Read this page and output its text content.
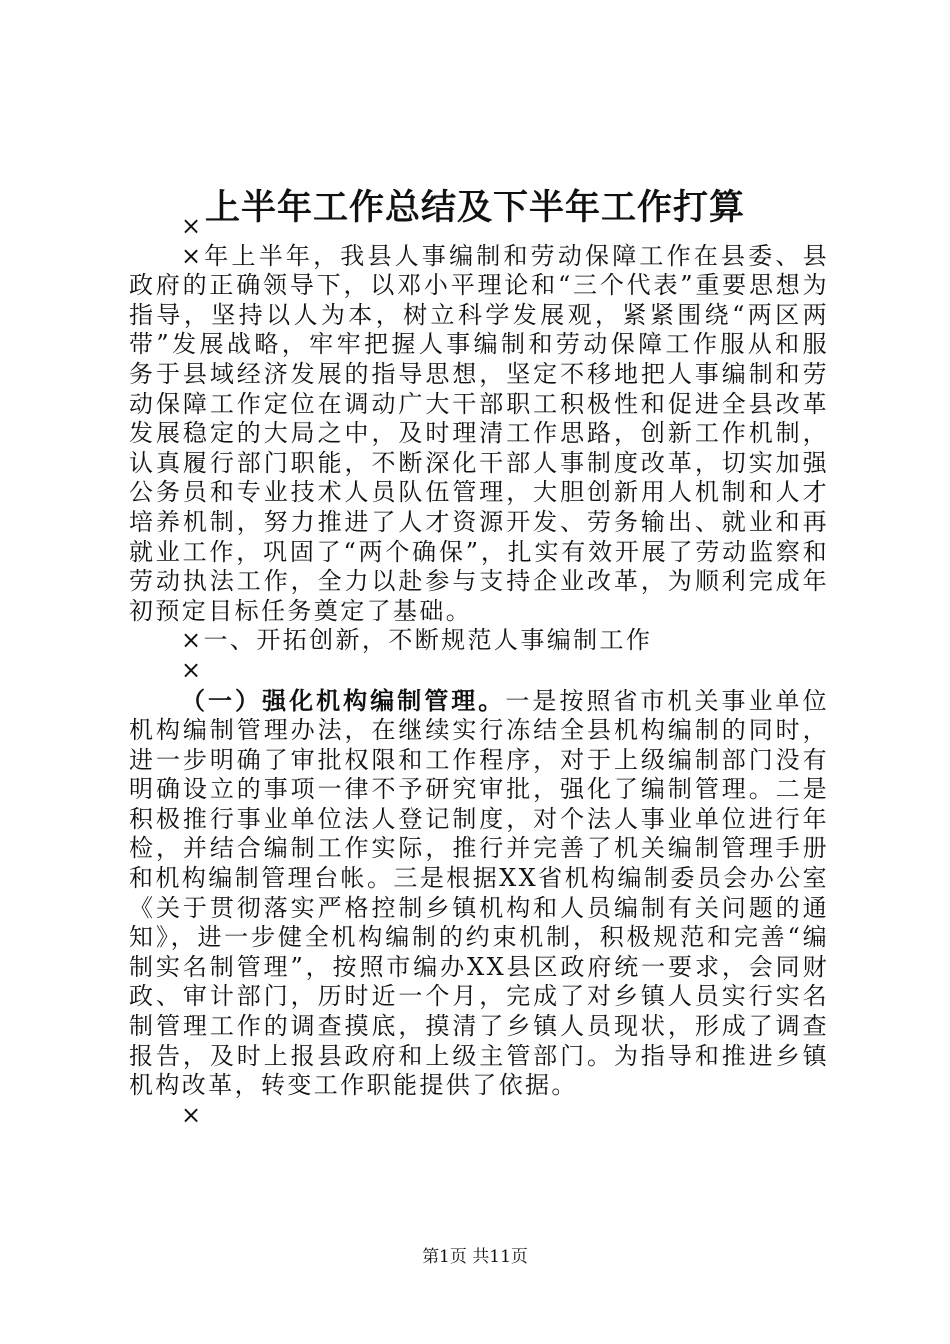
上半年工作总结及下半年工作打算

×

×年上半年，我县人事编制和劳动保障工作在县委、县政府的正确领导下，以邓小平理论和“三个代表”重要思想为指导，坚持以人为本，树立科学发展观，紧紧围绕“两区两带”发展战略，牢牢把握人事编制和劳动保障工作服从和服务于县域经济发展的指导思想，坚定不移地把人事编制和劳动保障工作定位在调动广大干部职工积极性和促进全县改革发展稳定的大局之中，及时理清工作思路，创新工作机制，认真履行部门职能，不断深化干部人事制度改革，切实加强公务员和专业技术人员队伍管理，大胆创新用人机制和人才培养机制，努力推进了人才资源开发、劳务输出、就业和再就业工作，巩固了“两个确保”，扎实有效开展了劳动监察和劳动执法工作，全力以赴参与支持企业改革，为顺利完成年初预定目标任务奠定了基础。

×一、开拓创新，不断规范人事编制工作

×

（一）强化机构编制管理。一是按照省市机关事业单位机构编制管理办法，在继续实行冻结全县机构编制的同时，进一步明确了审批权限和工作程序，对于上级编制部门没有明确设立的事项一律不予研究审批，强化了编制管理。二是积极推行事业单位法人登记制度，对个法人事业单位进行年检，并结合编制工作实际，推行并完善了机关编制管理手册和机构编制管理台帐。三是根据XX省机构编制委员会办公室《关于贯彻落实严格控制乡镇机构和人员编制有关问题的通知》，进一步健全机构编制的约束机制，积极规范和完善“编制实名制管理”，按照市编办XX县区政府统一要求，会同财政、审计部门，历时近一个月，完成了对乡镇人员实行实名制管理工作的调查摸底，摸清了乡镇人员现状，形成了调查报告，及时上报县政府和上级主管部门。为指导和推进乡镇机构改革，转变工作职能提供了依据。

×

第1页 共11页
